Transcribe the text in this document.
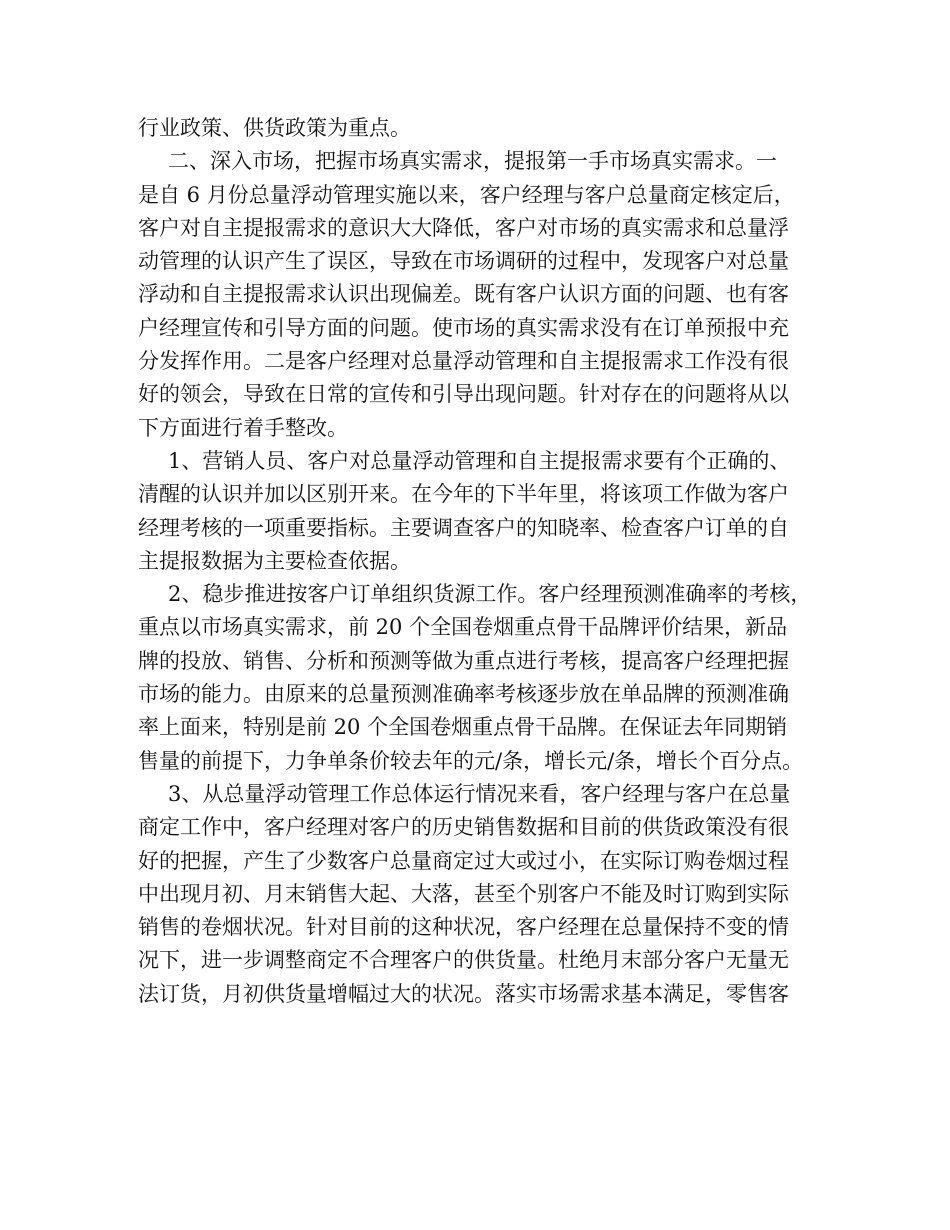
行业政策、供货政策为重点。
二、深入市场，把握市场真实需求，提报第一手市场真实需求。一
是自 6 月份总量浮动管理实施以来，客户经理与客户总量商定核定后，
客户对自主提报需求的意识大大降低，客户对市场的真实需求和总量浮
动管理的认识产生了误区，导致在市场调研的过程中，发现客户对总量
浮动和自主提报需求认识出现偏差。既有客户认识方面的问题、也有客
户经理宣传和引导方面的问题。使市场的真实需求没有在订单预报中充
分发挥作用。二是客户经理对总量浮动管理和自主提报需求工作没有很
好的领会，导致在日常的宣传和引导出现问题。针对存在的问题将从以
下方面进行着手整改。
1、营销人员、客户对总量浮动管理和自主提报需求要有个正确的、
清醒的认识并加以区别开来。在今年的下半年里，将该项工作做为客户
经理考核的一项重要指标。主要调查客户的知晓率、检查客户订单的自
主提报数据为主要检查依据。
2、稳步推进按客户订单组织货源工作。客户经理预测准确率的考核，
重点以市场真实需求，前 20 个全国卷烟重点骨干品牌评价结果，新品
牌的投放、销售、分析和预测等做为重点进行考核，提高客户经理把握
市场的能力。由原来的总量预测准确率考核逐步放在单品牌的预测准确
率上面来，特别是前 20 个全国卷烟重点骨干品牌。在保证去年同期销
售量的前提下，力争单条价较去年的元/条，增长元/条，增长个百分点。
3、从总量浮动管理工作总体运行情况来看，客户经理与客户在总量
商定工作中，客户经理对客户的历史销售数据和目前的供货政策没有很
好的把握，产生了少数客户总量商定过大或过小，在实际订购卷烟过程
中出现月初、月末销售大起、大落，甚至个别客户不能及时订购到实际
销售的卷烟状况。针对目前的这种状况，客户经理在总量保持不变的情
况下，进一步调整商定不合理客户的供货量。杜绝月末部分客户无量无
法订货，月初供货量增幅过大的状况。落实市场需求基本满足，零售客
